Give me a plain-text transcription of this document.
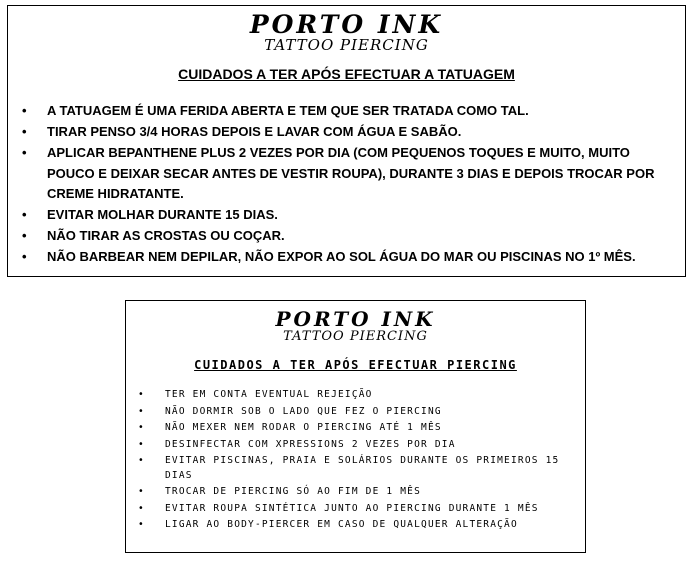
PORTO INK
TATTOO PIERCING
CUIDADOS A TER APÓS EFECTUAR A TATUAGEM
• A TATUAGEM É UMA FERIDA ABERTA E TEM QUE SER TRATADA COMO TAL.
• TIRAR PENSO 3/4 HORAS DEPOIS E LAVAR COM ÁGUA E SABÃO.
• APLICAR BEPANTHENE PLUS 2 VEZES POR DIA (COM PEQUENOS TOQUES E MUITO, MUITO POUCO E DEIXAR SECAR ANTES DE VESTIR ROUPA), DURANTE 3 DIAS E DEPOIS TROCAR POR CREME HIDRATANTE.
• EVITAR MOLHAR DURANTE 15 DIAS.
• NÃO TIRAR AS CROSTAS OU COÇAR.
• NÃO BARBEAR NEM DEPILAR, NÃO EXPOR AO SOL ÁGUA DO MAR OU PISCINAS NO 1º MÊS.
PORTO INK
TATTOO PIERCING
CUIDADOS A TER APÓS EFECTUAR PIERCING
• TER EM CONTA EVENTUAL REJEIÇÃO
• NÃO DORMIR SOB O LADO QUE FEZ O PIERCING
• NÃO MEXER NEM RODAR O PIERCING ATÉ 1 MÊS
• DESINFECTAR COM XPRESSIONS 2 VEZES POR DIA
• EVITAR PISCINAS, PRAIA E SOLÁRIOS DURANTE OS PRIMEIROS 15 DIAS
• TROCAR DE PIERCING SÓ AO FIM DE 1 MÊS
• EVITAR ROUPA SINTÉTICA JUNTO AO PIERCING DURANTE 1 MÊS
• LIGAR AO BODY-PIERCER EM CASO DE QUALQUER ALTERAÇÃO
